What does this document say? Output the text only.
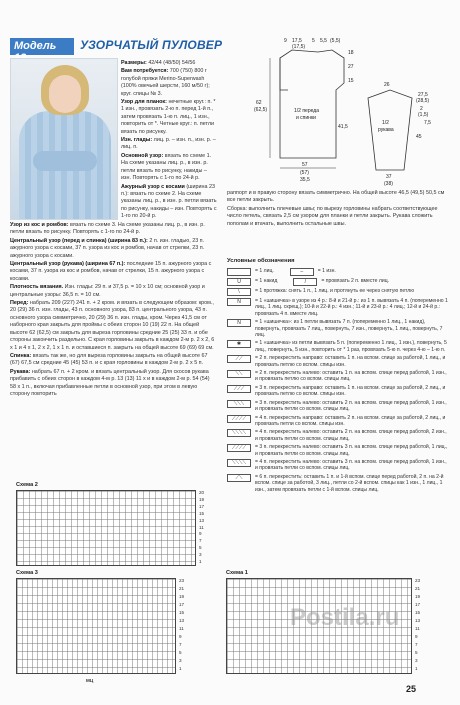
Модель	УЗОРЧАТЫЙ ПУЛОВЕР

Размеры: 42/44 (48/50) 54/56

Вам потребуется: 700 (750) 800 г голубой пряжи Merino-Superwash (100% овечьей шерсти, 160 м/50 г); круг. спицы № 3.

Узор для планок: нечетные круг.: п. * 1 изн., провязать 2-ю п. перед 1-й п., затем провязать 1-ю п. лиц., 1 изн., повторить от *. Четные круг.: п. петли вязать по рисунку.

Изн. глады: лиц. р. – изн. п., изн. р. – лиц. п.

Основной узор: вязать по схеме 1. На схеме указаны лиц. р., в изн. р. петли вязать по рисунку, накиды – изн. Повторять с 1-го по 24-й р.

Ажурный узор с косами (ширина 23 п.): вязать по схеме 2. На схеме указаны лиц. р., в изн. р. петли вязать по рисунку, накиды – изн. Повторять с 1-го по 20-й р.

Узор из кос и ромбов: вязать по схеме 3. На схеме указаны лиц. р., в изн. р. петли вязать по рисунку. Повторять с 1-го по 24-й р.

Центральный узор (перед и спинка) (ширина 83 п.): 2 п. изн. гладью, 23 п. ажурного узора с косами, 37 п. узора из кос и ромбов, начав от стрелки, 23 п. ажурного узора с косами.

Центральный узор (рукава) (ширина 67 п.): последние 15 п. ажурного узора с косами, 37 п. узора из кос и ромбов, начав от стрелки, 15 п. ажурного узора с косами.

Плотность вязания. Изн. глады: 29 п. и 37,5 р. = 10 х 10 см; основной узор и центральные узоры: 36,5 п. = 10 см.

Перед: набрать 209 (227) 241 п. + 2 кром. и вязать в следующем образом: кром., 20 (29) 36 п. изн. глады, 43 п. основного узора, 83 п. центрального узора, 43 п. основного узора симметрично, 20 (29) 36 п. изн. глады, кром. Через 41,5 см от наборного края закрыть для проймы с обеих сторон 10 (19) 22 п. На общей высоте 62 (62,5) см закрыть для выреза горловины средние 25 (25) 33 п. и обе стороны закончить раздельно. С края горловины закрыть в каждом 2-м р. 2 х 2, 6 х 1 и 4 х 1, 2 х 2, 1 х 1 п. и оставшиеся п. закрыть на общей высоте 69 (69) 69 см.

Спинка: вязать так же, но для выреза горловины закрыть на общей высоте 67 (67) 67,5 см средние 45 (45) 53 п. и с края горловины в каждом 2-м р. 2 х 5 п.

Рукава: набрать 67 п. + 2 кром. и вязать центральный узор. Для скосов рукава прибавить с обеих сторон в каждом 4-м р. 13 (13) 11 х и в каждом 2-м р. 54 (54) 58 х 1 п., включая прибавленные петли в основной узор, при этом в левую сторону повторить

9 17,5
(17,5)
5 5,5 (5,5)
18
27
15
62
(62,5)	1/2 переда
и спинки
41,5
57
(57)
35,5
27,5
(28,5)
26
1/2
рукава
45
37
(38)
2
(1,5)
7,5

раппорт и в правую сторону вязать симметрично. На общей высоте 46,5 (49,5) 50,5 см все петли закрыть.

Сборка: выполнить плечевые швы; по вырезу горловины набрать соответствующее число петель, связать 2,5 см узором для планки и петли закрыть. Рукава сложить пополам и втачать, выполнить остальные швы.

Условные обозначения
= 1 лиц.	–	= 1 изн.
U	= 1 накид	/	= провязать 2 п. вместе лиц.
\	= 1 протяжка: снять 1 п., 1 лиц. и протянуть ее через снятую петлю
N	= 1 «шишечка» в узоре из 4 р.: 8-й и 21-й р.: из 1 п. вывязать 4 п. (попеременно 1 лиц., 1 лиц. скрещ.); 10-й и 22-й р.: 4 изн.; 11-й и 23-й р.: 4 лиц.; 12-й и 24-й р.: провязать 4 п. вместе лиц.
N	= 1 «шишечка»: из 1 петли вывязать 7 п. (попеременно 1 лиц., 1 накид), повернуть, провязать 7 лиц., повернуть, 7 изн., повернуть, 1 лиц., повернуть, 7 лиц.
✱	= 1 «шишечка» из петли вывязать 5 п. (попеременно 1 лиц., 1 изн.), повернуть, 5 лиц., повернуть, 5 изн., повторить от * 1 раз, провязать 5-ю п. через 4-ю – 1-ю п.
⟋⟋	= 2 п. перекрестить направо: оставить 1 п. на вспом. спице за работой, 1 лиц., и провязать петлю со вспом. спицы изн.
⟍⟍	= 2 п. перекрестить налево: оставить 1 п. на вспом. спице перед работой, 1 изн., и провязать петлю со вспом. спицы лиц.
⟋⟋⟋	= 3 п. перекрестить направо: оставить 1 п. на вспом. спице за работой, 2 лиц., и провязать петлю со вспом. спицы изн.
⟍⟍⟍	= 3 п. перекрестить налево: оставить 2 п. на вспом. спице перед работой, 1 изн., и провязать петли со вспом. спицы лиц.
⟋⟋⟋⟋	= 4 п. перекрестить направо: оставить 2 п. на вспом. спице за работой, 2 лиц., и провязать петли со вспом. спицы изн.
⟍⟍⟍⟍	= 4 п. перекрестить налево: оставить 2 п. на вспом. спице перед работой, 2 изн., и провязать петли со вспом. спицы лиц.
⟋⟋⟋⟋	= 3 п. перекрестить налево: оставить 3 п. на вспом. спице перед работой, 1 лиц., и провязать петли со вспом. спицы лиц.
⟍⟍⟍⟍	= 4 п. перекрестить налево: оставить 3 п. на вспом. спице перед работой, 1 изн., и провязать петли со вспом. спицы лиц.
⟋⟍	= 6 п. перекрестить: оставить 1 п. и 1-й вспом. спице перед работой, 2 п. на 2-й вспом. спице за работой, 3 лиц., петли со 2-й вспом. спицы как 1 изн., 1 лиц., 1 изн., затем провязать петли с 1-й вспом. спицы лиц.
Схема 2
20
19
17
15
13
11
9
7
5
3
1
Схема 3
23
21
19
17
15
13
11
9
7
5
3
1
МЦ
Схема 1
23
21
19
17
15
13
11
9
7
5
3
1
Postila.ru
25
